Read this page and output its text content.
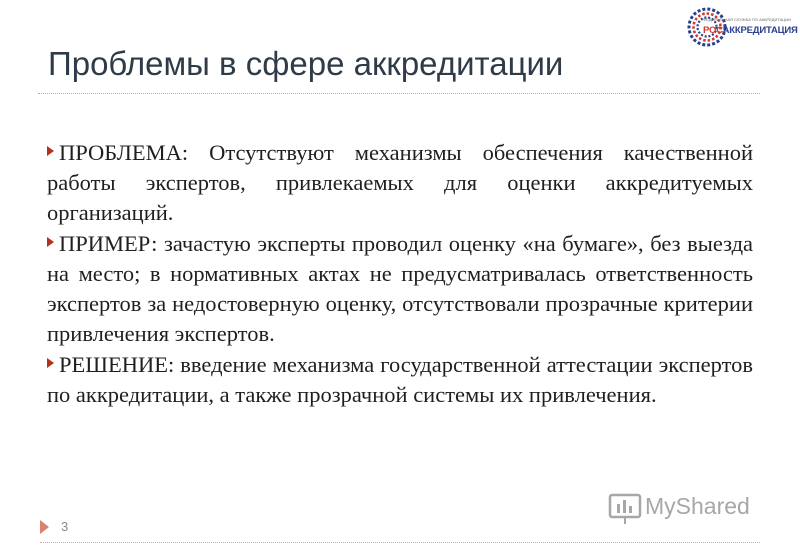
ФЕДЕРАЛЬНАЯ СЛУЖБА ПО АККРЕДИТАЦИИ
РОСАККРЕДИТАЦИЯ
Проблемы в сфере аккредитации

ПРОБЛЕМА: Отсутствуют механизмы обеспечения качественной работы экспертов, привлекаемых для оценки аккредитуемых организаций.

ПРИМЕР: зачастую эксперты проводил оценку «на бумаге», без выезда на место; в нормативных актах не предусматривалась ответственность экспертов за недостоверную оценку, отсутствовали прозрачные критерии привлечения экспертов.

РЕШЕНИЕ: введение механизма государственной аттестации экспертов по аккредитации, а также прозрачной системы их привлечения.

MyShared
3
